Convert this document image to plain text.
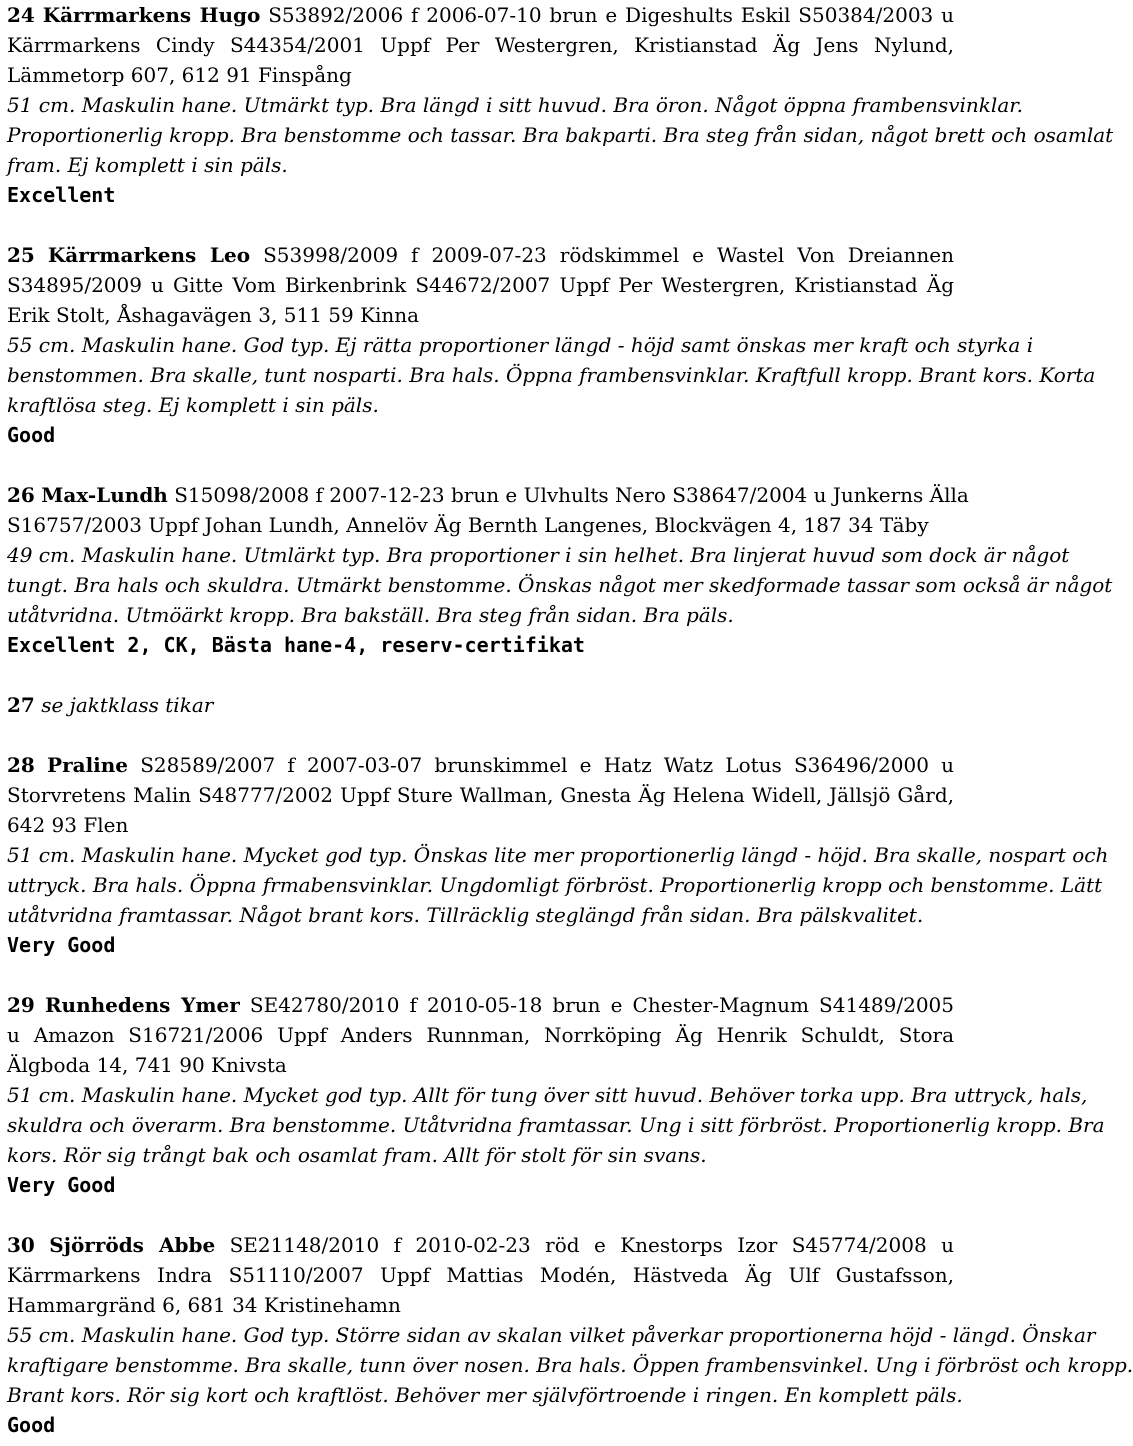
24 Kärrmarkens Hugo S53892/2006 f 2006-07-10 brun e Digeshults Eskil S50384/2003 u
Kärrmarkens Cindy S44354/2001 Uppf Per Westergren, Kristianstad Äg Jens Nylund,
Lämmetorp 607, 612 91 Finspång
51 cm. Maskulin hane. Utmärkt typ. Bra längd i sitt huvud. Bra öron. Något öppna frambensvinklar.
Proportionerlig kropp. Bra benstomme och tassar. Bra bakparti. Bra steg från sidan, något brett och osamlat
fram. Ej komplett i sin päls.
Excellent
25 Kärrmarkens Leo S53998/2009 f 2009-07-23 rödskimmel e Wastel Von Dreiannen
S34895/2009 u Gitte Vom Birkenbrink S44672/2007 Uppf Per Westergren, Kristianstad Äg
Erik Stolt, Åshagavägen 3, 511 59 Kinna
55 cm. Maskulin hane. God typ. Ej rätta proportioner längd - höjd samt önskas mer kraft och styrka i
benstommen. Bra skalle, tunt nosparti. Bra hals. Öppna frambensvinklar. Kraftfull kropp. Brant kors. Korta
kraftlösa steg. Ej komplett i sin päls.
Good
26 Max-Lundh S15098/2008 f 2007-12-23 brun e Ulvhults Nero S38647/2004 u Junkerns Älla
S16757/2003 Uppf Johan Lundh, Annelöv Äg Bernth Langenes, Blockvägen 4, 187 34 Täby
49 cm. Maskulin hane. Utmlärkt typ. Bra proportioner i sin helhet. Bra linjerat huvud som dock är något
tungt. Bra hals och skuldra. Utmärkt benstomme. Önskas något mer skedformade tassar som också är något
utåtvridna. Utmöärkt kropp. Bra bakställ. Bra steg från sidan. Bra päls.
Excellent 2, CK, Bästa hane-4, reserv-certifikat
27 se jaktklass tikar
28 Praline S28589/2007 f 2007-03-07 brunskimmel e Hatz Watz Lotus S36496/2000 u
Storvretens Malin S48777/2002 Uppf Sture Wallman, Gnesta Äg Helena Widell, Jällsjö Gård,
642 93 Flen
51 cm. Maskulin hane. Mycket god typ. Önskas lite mer proportionerlig längd - höjd. Bra skalle, nospart och
uttryck. Bra hals. Öppna frmabensvinklar. Ungdomligt förbröst. Proportionerlig kropp och benstomme. Lätt
utåtvridna framtassar. Något brant kors. Tillräcklig steglängd från sidan. Bra pälskvalitet.
Very Good
29 Runhedens Ymer SE42780/2010 f 2010-05-18 brun e Chester-Magnum S41489/2005
u Amazon S16721/2006 Uppf Anders Runnman, Norrköping Äg Henrik Schuldt, Stora
Älgboda 14, 741 90 Knivsta
51 cm. Maskulin hane. Mycket god typ. Allt för tung över sitt huvud. Behöver torka upp. Bra uttryck, hals,
skuldra och överarm. Bra benstomme. Utåtvridna framtassar. Ung i sitt förbröst. Proportionerlig kropp. Bra
kors. Rör sig trångt bak och osamlat fram. Allt för stolt för sin svans.
Very Good
30 Sjörröds Abbe SE21148/2010 f 2010-02-23 röd e Knestorps Izor S45774/2008 u
Kärrmarkens Indra S51110/2007 Uppf Mattias Modén, Hästveda Äg Ulf Gustafsson,
Hammargränd 6, 681 34 Kristinehamn
55 cm. Maskulin hane. God typ. Större sidan av skalan vilket påverkar proportionerna höjd - längd. Önskar
kraftigare benstomme. Bra skalle, tunn över nosen. Bra hals. Öppen frambensvinkel. Ung i förbröst och kropp.
Brant kors. Rör sig kort och kraftlöst. Behöver mer självförtroende i ringen. En komplett päls.
Good
